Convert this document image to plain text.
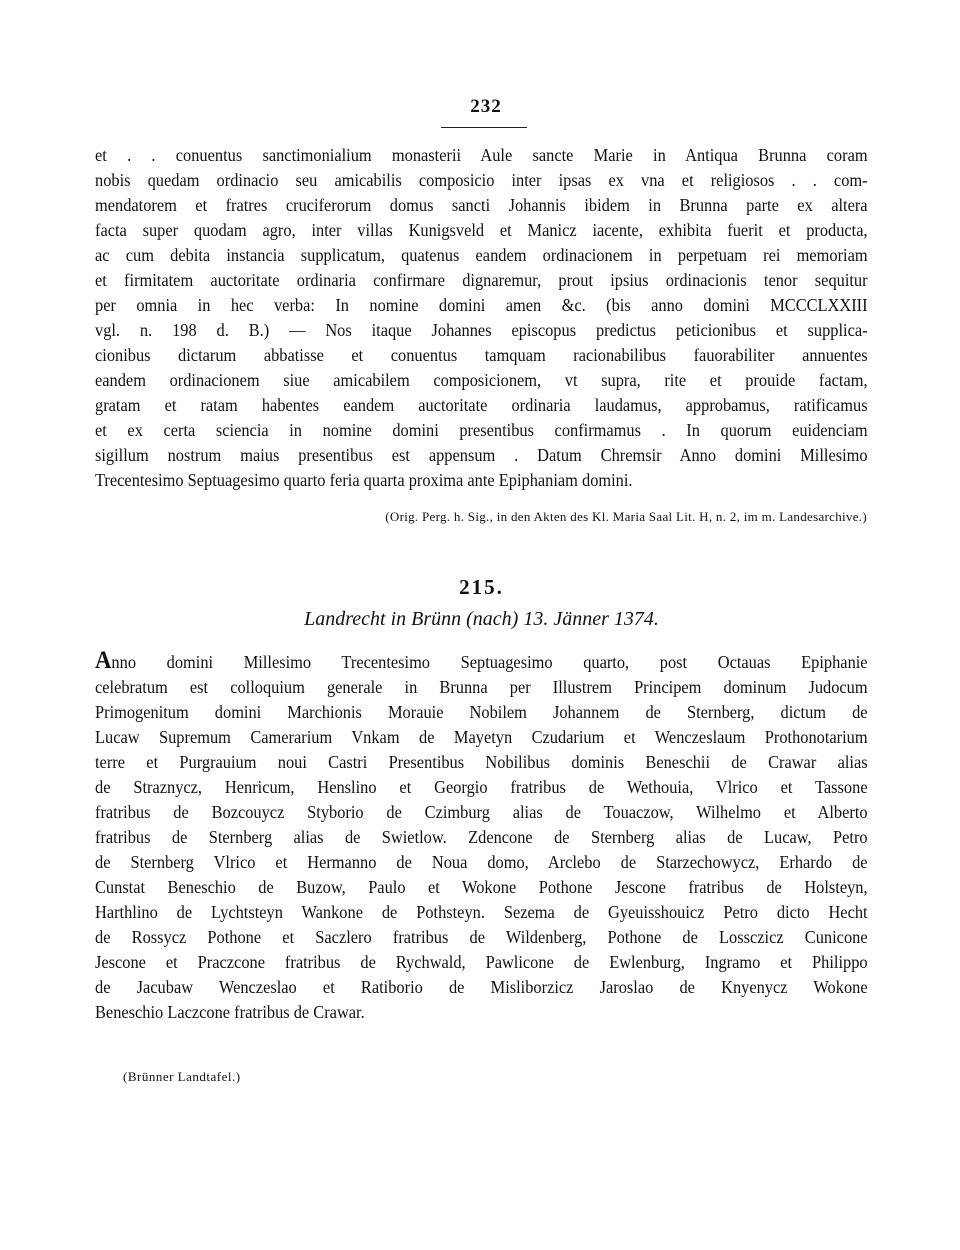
232
et . . conuentus sanctimonialium monasterii Aule sancte Marie in Antiqua Brunna coram
nobis quedam ordinacio seu amicabilis composicio inter ipsas ex vna et religiosos . . com-
mendatorem et fratres cruciferorum domus sancti Johannis ibidem in Brunna parte ex altera
facta super quodam agro, inter villas Kunigsveld et Manicz iacente, exhibita fuerit et producta,
ac cum debita instancia supplicatum, quatenus eandem ordinacionem in perpetuam rei memoriam
et firmitatem auctoritate ordinaria confirmare dignaremur, prout ipsius ordinacionis tenor sequitur
per omnia in hec verba: In nomine domini amen &c. (bis anno domini MCCCLXXIII
vgl. n. 198 d. B.) — Nos itaque Johannes episcopus predictus peticionibus et supplica-
cionibus dictarum abbatisse et conuentus tamquam racionabilibus fauorabiliter annuentes
eandem ordinacionem siue amicabilem composicionem, vt supra, rite et prouide factam,
gratam et ratam habentes eandem auctoritate ordinaria laudamus, approbamus, ratificamus
et ex certa sciencia in nomine domini presentibus confirmamus . In quorum euidenciam
sigillum nostrum maius presentibus est appensum . Datum Chremsir Anno domini Millesimo
Trecentesimo Septuagesimo quarto feria quarta proxima ante Epiphaniam domini.
(Orig. Perg. h. Sig., in den Akten des Kl. Maria Saal Lit. H, n. 2, im m. Landesarchive.)
215.
Landrecht in Brünn (nach) 13. Jänner 1374.
Anno domini Millesimo Trecentesimo Septuagesimo quarto, post Octauas Epiphanie
celebratum est colloquium generale in Brunna per Illustrem Principem dominum Judocum
Primogenitum domini Marchionis Morauie Nobilem Johannem de Sternberg, dictum de
Lucaw Supremum Camerarium Vnkam de Mayetyn Czudarium et Wenczeslaum Prothonotarium
terre et Purgrauium noui Castri Presentibus Nobilibus dominis Beneschii de Crawar alias
de Straznycz, Henricum, Henslino et Georgio fratribus de Wethouia, Vlrico et Tassone
fratribus de Bozcouycz Styborio de Czimburg alias de Touaczow, Wilhelmo et Alberto
fratribus de Sternberg alias de Swietlow. Zdencone de Sternberg alias de Lucaw, Petro
de Sternberg Vlrico et Hermanno de Noua domo, Arclebo de Starzechowycz, Erhardo de
Cunstat Beneschio de Buzow, Paulo et Wokone Pothone Jescone fratribus de Holsteyn,
Harthlino de Lychtsteyn Wankone de Pothsteyn. Sezema de Gyeuisshouicz Petro dicto Hecht
de Rossycz Pothone et Saczlero fratribus de Wildenberg, Pothone de Lossczicz Cunicone
Jescone et Praczcone fratribus de Rychwald, Pawlicone de Ewlenburg, Ingramo et Philippo
de Jacubaw Wenczeslao et Ratiborio de Misliborzicz Jaroslao de Knyenycz Wokone
Beneschio Laczcone fratribus de Crawar.
(Brünner Landtafel.)
